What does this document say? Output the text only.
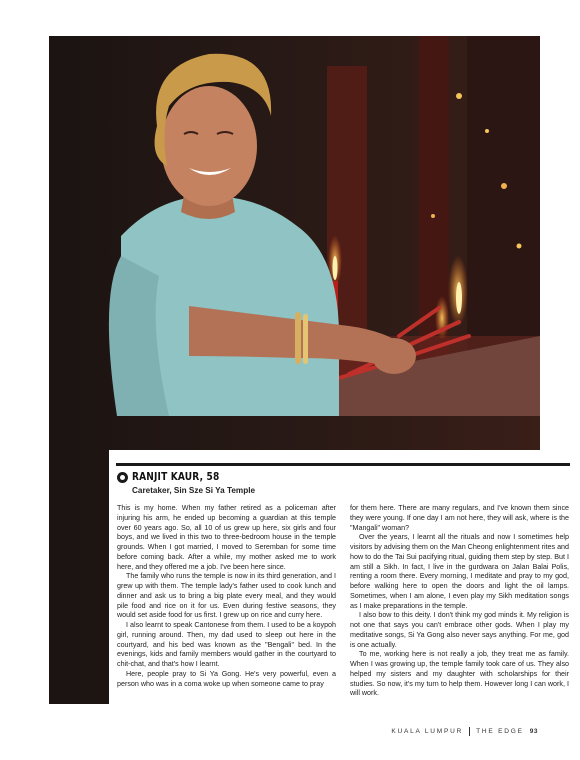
RANJIT KAUR, 58
Caretaker, Sin Sze Si Ya Temple

This is my home. When my father retired as a policeman after injuring his arm, he ended up becoming a guardian at this temple over 60 years ago. So, all 10 of us grew up here, six girls and four boys, and we lived in this two to three-bedroom house in the temple grounds. When I got married, I moved to Seremban for some time before coming back. After a while, my mother asked me to work here, and they offered me a job. I've been here since.

The family who runs the temple is now in its third generation, and I grew up with them. The temple lady's father used to cook lunch and dinner and ask us to bring a big plate every meal, and they would pile food and rice on it for us. Even during festive seasons, they would set aside food for us first. I grew up on rice and curry here.

I also learnt to speak Cantonese from them. I used to be a koypoh girl, running around. Then, my dad used to sleep out here in the courtyard, and his bed was known as the "Bengali" bed. In the evenings, kids and family members would gather in the courtyard to chit-chat, and that's how I learnt.

Here, people pray to Si Ya Gong. He's very powerful, even a person who was in a coma woke up when someone came to pray

for them here. There are many regulars, and I've known them since they were young. If one day I am not here, they will ask, where is the "Mangali" woman?

Over the years, I learnt all the rituals and now I sometimes help visitors by advising them on the Man Cheong enlightenment rites and how to do the Tai Sui pacifying ritual, guiding them step by step. But I am still a Sikh. In fact, I live in the gurdwara on Jalan Balai Polis, renting a room there. Every morning, I meditate and pray to my god, before walking here to open the doors and light the oil lamps. Sometimes, when I am alone, I even play my Sikh meditation songs as I make preparations in the temple.

I also bow to this deity. I don't think my god minds it. My religion is not one that says you can't embrace other gods. When I play my meditative songs, Si Ya Gong also never says anything. For me, god is one actually.

To me, working here is not really a job, they treat me as family. When I was growing up, the temple family took care of us. They also helped my sisters and my daughter with scholarships for their studies. So now, it's my turn to help them. However long I can work, I will work.

KUALA LUMPUR THE EDGE 93
